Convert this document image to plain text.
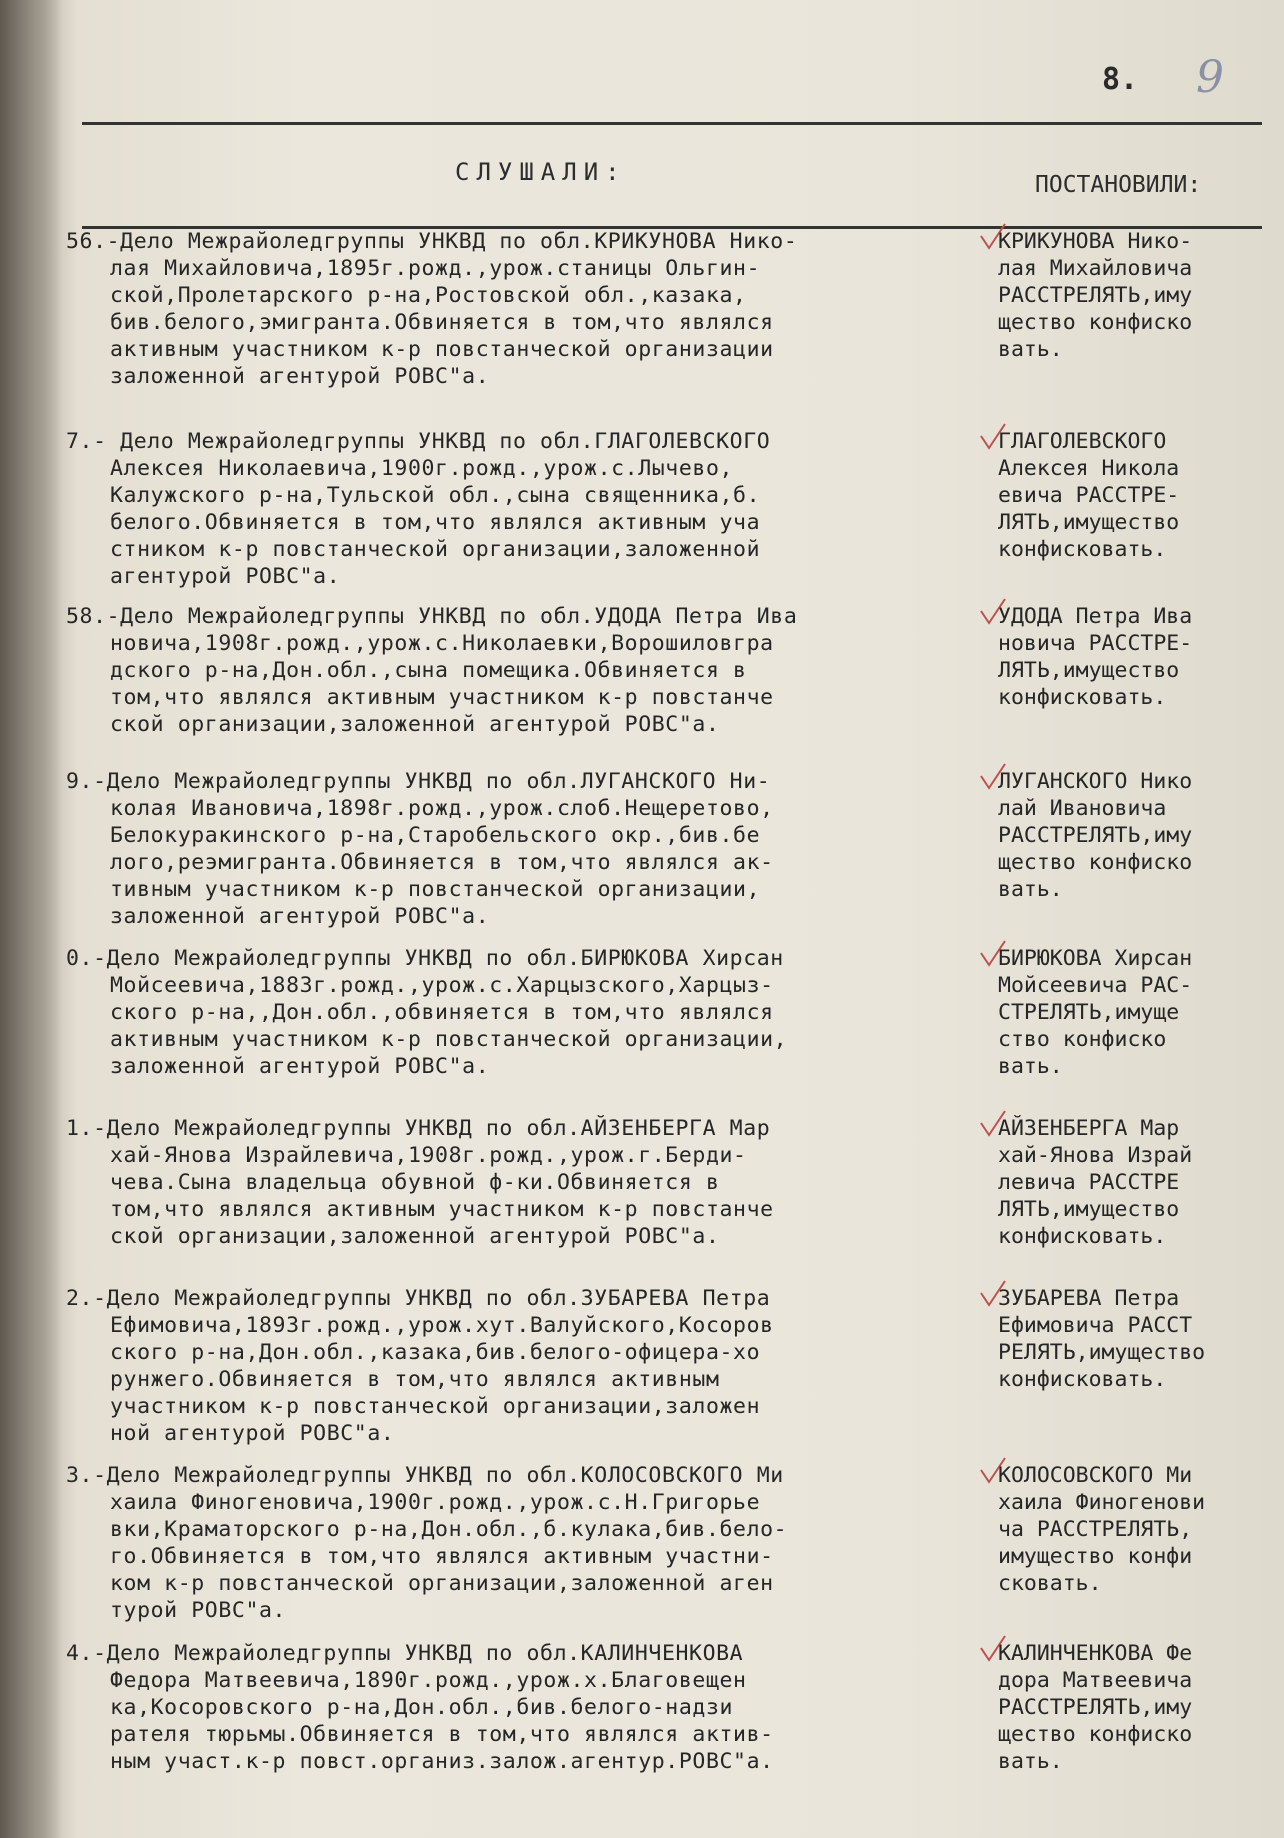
8. 9
СЛУШАЛИ:	ПОСТАНОВИЛИ:
56.-Дело Межрайоледгруппы УНКВД по обл.КРИКУНОВА Нико-
лая Михайловича,1895г.рожд.,урож.станицы Ольгин-
ской,Пролетарского р-на,Ростовской обл.,казака,
бив.белого,эмигранта.Обвиняется в том,что являлся
активным участником к-р повстанческой организации
заложенной агентурой РОВС"а.
КРИКУНОВА Нико-
лая Михайловича
РАССТРЕЛЯТЬ,иму
щество конфиско
вать.
7.- Дело Межрайоледгруппы УНКВД по обл.ГЛАГОЛЕВСКОГО
Алексея Николаевича,1900г.рожд.,урож.с.Лычево,
Калужского р-на,Тульской обл.,сына священника,б.
белого.Обвиняется в том,что являлся активным уча
стником к-р повстанческой организации,заложенной
агентурой РОВС"а.
ГЛАГОЛЕВСКОГО
Алексея Никола
евича РАССТРЕ-
ЛЯТЬ,имущество
конфисковать.
58.-Дело Межрайоледгруппы УНКВД по обл.УДОДА Петра Ива
новича,1908г.рожд.,урож.с.Николаевки,Ворошиловгра
дского р-на,Дон.обл.,сына помещика.Обвиняется в
том,что являлся активным участником к-р повстанче
ской организации,заложенной агентурой РОВС"а.
УДОДА Петра Ива
новича РАССТРЕ-
ЛЯТЬ,имущество
конфисковать.
9.-Дело Межрайоледгруппы УНКВД по обл.ЛУГАНСКОГО Ни-
колая Ивановича,1898г.рожд.,урож.слоб.Нещеретово,
Белокуракинского р-на,Старобельского окр.,бив.бе
лого,реэмигранта.Обвиняется в том,что являлся ак-
тивным участником к-р повстанческой организации,
заложенной агентурой РОВС"а.
ЛУГАНСКОГО Нико
лай Ивановича
РАССТРЕЛЯТЬ,иму
щество конфиско
вать.
0.-Дело Межрайоледгруппы УНКВД по обл.БИРЮКОВА Хирсан
Мойсеевича,1883г.рожд.,урож.с.Харцызского,Харцыз-
ского р-на,,Дон.обл.,обвиняется в том,что являлся
активным участником к-р повстанческой организации,
заложенной агентурой РОВС"а.
БИРЮКОВА Хирсан
Мойсеевича РАС-
СТРЕЛЯТЬ,имуще
ство конфиско
вать.
1.-Дело Межрайоледгруппы УНКВД по обл.АЙЗЕНБЕРГА Мар
хай-Янова Израйлевича,1908г.рожд.,урож.г.Берди-
чева.Сына владельца обувной ф-ки.Обвиняется в
том,что являлся активным участником к-р повстанче
ской организации,заложенной агентурой РОВС"а.
АЙЗЕНБЕРГА Мар
хай-Янова Израй
левича РАССТРЕ
ЛЯТЬ,имущество
конфисковать.
2.-Дело Межрайоледгруппы УНКВД по обл.ЗУБАРЕВА Петра
Ефимовича,1893г.рожд.,урож.хут.Валуйского,Косоров
ского р-на,Дон.обл.,казака,бив.белого-офицера-хо
рунжего.Обвиняется в том,что являлся активным
участником к-р повстанческой организации,заложен
ной агентурой РОВС"а.
ЗУБАРЕВА Петра
Ефимовича РАССТ
РЕЛЯТЬ,имущество
конфисковать.
3.-Дело Межрайоледгруппы УНКВД по обл.КОЛОСОВСКОГО Ми
хаила Финогеновича,1900г.рожд.,урож.с.Н.Григорье
вки,Краматорского р-на,Дон.обл.,б.кулака,бив.бело-
го.Обвиняется в том,что являлся активным участни-
ком к-р повстанческой организации,заложенной аген
турой РОВС"а.
КОЛОСОВСКОГО Ми
хаила Финогенови
ча РАССТРЕЛЯТЬ,
имущество конфи
сковать.
4.-Дело Межрайоледгруппы УНКВД по обл.КАЛИНЧЕНКОВА
Федора Матвеевича,1890г.рожд.,урож.х.Благовещен
ка,Косоровского р-на,Дон.обл.,бив.белого-надзи
рателя тюрьмы.Обвиняется в том,что являлся актив-
ным участ.к-р повст.организ.залож.агентур.РОВС"а.
КАЛИНЧЕНКОВА Фе
дора Матвеевича
РАССТРЕЛЯТЬ,иму
щество конфиско
вать.
